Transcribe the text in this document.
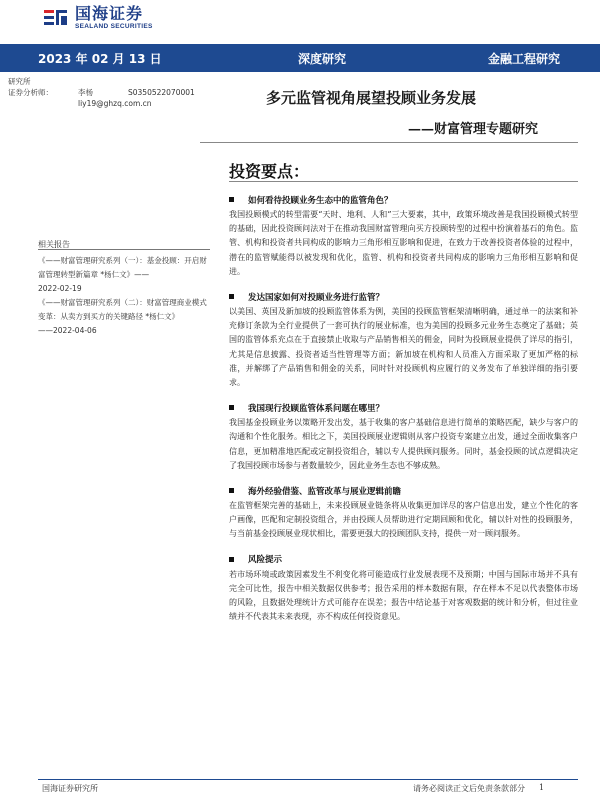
国海证券
SEALAND SECURITIES
2023 年 02 月 13 日	深度研究	金融工程研究
研究所
证券分析师：	李杨	S0350522070001
liy19@ghzq.com.cn	多元监管视角展望投顾业务发展
——财富管理专题研究
相关报告

《——财富管理研究系列（一）：基金投顾：开启财富管理转型新篇章 *杨仁文》——

2022-02-19

《——财富管理研究系列（二）：财富管理商业模式变革：从卖方到买方的关键路径 *杨仁文》

——2022-04-06

投资要点：
如何看待投顾业务生态中的监管角色？

我国投顾模式的转型需要“天时、地利、人和”三大要素，其中，政策环境改善是我国投顾模式转型的基础，因此投资顾问法对于在推动我国财富管理向买方投顾转型的过程中扮演着基石的角色。监管、机构和投资者共同构成的影响力三角形相互影响和促进，在致力于改善投资者体验的过程中，潜在的监管赋能得以被发现和优化，监管、机构和投资者共同构成的影响力三角形相互影响和促进。

发达国家如何对投顾业务进行监管？

以美国、英国及新加坡的投顾监管体系为例，美国的投顾监管框架清晰明确，通过单一的法案和补充修订条款为全行业提供了一套可执行的展业标准，也为美国的投顾多元业务生态奠定了基础；英国的监管体系充点在于直接禁止收取与产品销售相关的佣金，同时为投顾展业提供了详尽的指引，尤其是信息披露、投资者适当性管理等方面；新加坡在机构和人员准入方面采取了更加严格的标准，并解绑了产品销售和佣金的关系，同时针对投顾机构应履行的义务发布了单独详细的指引要求。

我国现行投顾监管体系问题在哪里？

我国基金投顾业务以策略开发出发，基于收集的客户基础信息进行简单的策略匹配，缺少与客户的沟通和个性化服务。相比之下，美国投顾展业逻辑则从客户投资专案建立出发，通过全面收集客户信息，更加精准地匹配或定制投资组合，辅以专人提供顾问服务。同时，基金投顾的试点逻辑决定了我国投顾市场参与者数量较少，因此业务生态也不够成熟。

海外经验借鉴、监管改革与展业逻辑前瞻

在监管框架完善的基础上，未来投顾展业链条将从收集更加详尽的客户信息出发，建立个性化的客户画像，匹配和定制投资组合，并由投顾人员帮助进行定期回顾和优化，辅以针对性的投顾服务，与当前基金投顾展业现状相比，需要更强大的投顾团队支持，提供一对一顾问服务。

风险提示

若市场环境或政策因素发生不利变化将可能造成行业发展表现不及预期；中国与国际市场并不具有完全可比性，报告中相关数据仅供参考；报告采用的样本数据有限，存在样本不足以代表整体市场的风险，且数据处理统计方式可能存在误差；报告中结论基于对客观数据的统计和分析，但过往业绩并不代表其未来表现，亦不构成任何投资意见。

国海证券研究所	请务必阅读正文后免责条款部分 1
